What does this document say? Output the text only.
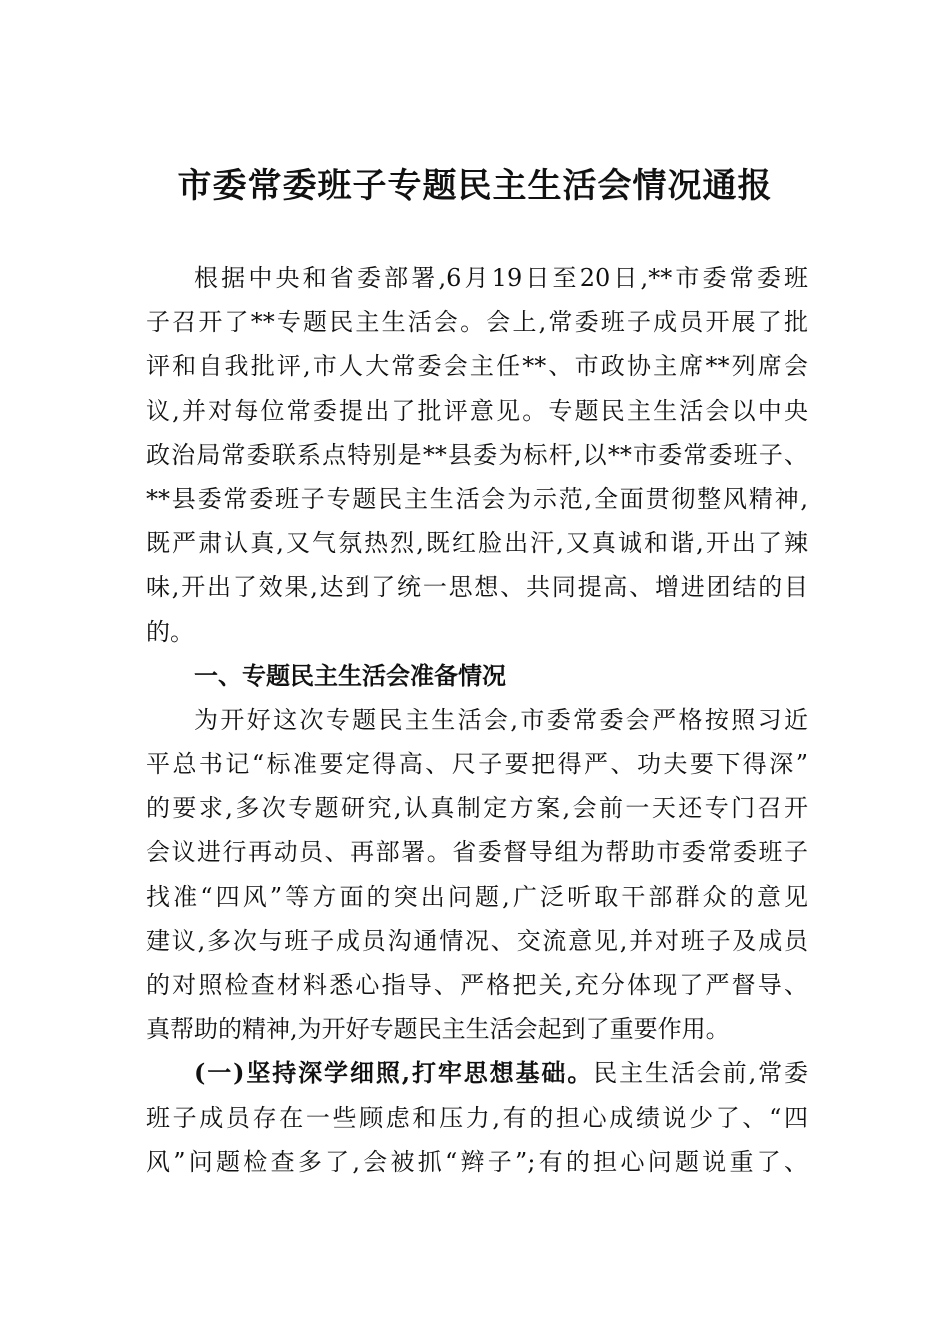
市委常委班子专题民主生活会情况通报
根据中央和省委部署,6月19日至20日,**市委常委班
子召开了**专题民主生活会。会上,常委班子成员开展了批
评和自我批评,市人大常委会主任**、市政协主席**列席会
议,并对每位常委提出了批评意见。专题民主生活会以中央
政治局常委联系点特别是**县委为标杆,以**市委常委班子、
**县委常委班子专题民主生活会为示范,全面贯彻整风精神,
既严肃认真,又气氛热烈,既红脸出汗,又真诚和谐,开出了辣
味,开出了效果,达到了统一思想、共同提高、增进团结的目
的。
一、专题民主生活会准备情况
为开好这次专题民主生活会,市委常委会严格按照习近
平总书记“标准要定得高、尺子要把得严、功夫要下得深”
的要求,多次专题研究,认真制定方案,会前一天还专门召开
会议进行再动员、再部署。省委督导组为帮助市委常委班子
找准“四风”等方面的突出问题,广泛听取干部群众的意见
建议,多次与班子成员沟通情况、交流意见,并对班子及成员
的对照检查材料悉心指导、严格把关,充分体现了严督导、
真帮助的精神,为开好专题民主生活会起到了重要作用。
(一)坚持深学细照,打牢思想基础。民主生活会前,常委
班子成员存在一些顾虑和压力,有的担心成绩说少了、“四
风”问题检查多了,会被抓“辫子”;有的担心问题说重了、
